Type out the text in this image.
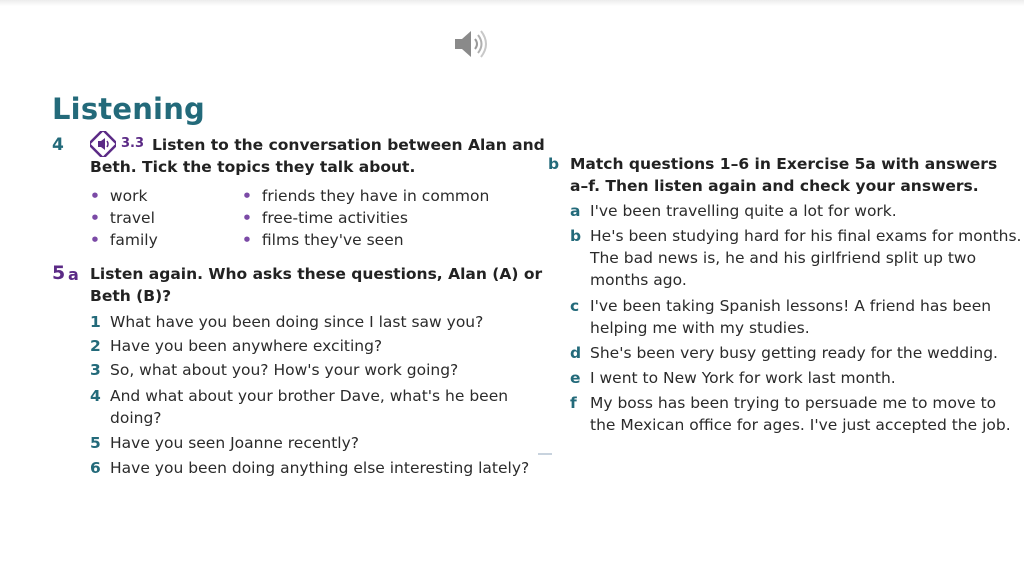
Listening
4	3.3 Listen to the conversation between Alan and
Beth. Tick the topics they talk about.
• work
• travel
• family
• friends they have in common
• free-time activities
• films they've seen
5 a Listen again. Who asks these questions, Alan (A) or
Beth (B)?
1 What have you been doing since I last saw you?
2 Have you been anywhere exciting?
3 So, what about you? How's your work going?
4 And what about your brother Dave, what's he been
doing?
5 Have you seen Joanne recently?
6 Have you been doing anything else interesting lately?
b Match questions 1–6 in Exercise 5a with answers
a–f. Then listen again and check your answers.
a I've been travelling quite a lot for work.
b He's been studying hard for his final exams for months.
The bad news is, he and his girlfriend split up two
months ago.
c I've been taking Spanish lessons! A friend has been
helping me with my studies.
d She's been very busy getting ready for the wedding.
e I went to New York for work last month.
f My boss has been trying to persuade me to move to
the Mexican office for ages. I've just accepted the job.
